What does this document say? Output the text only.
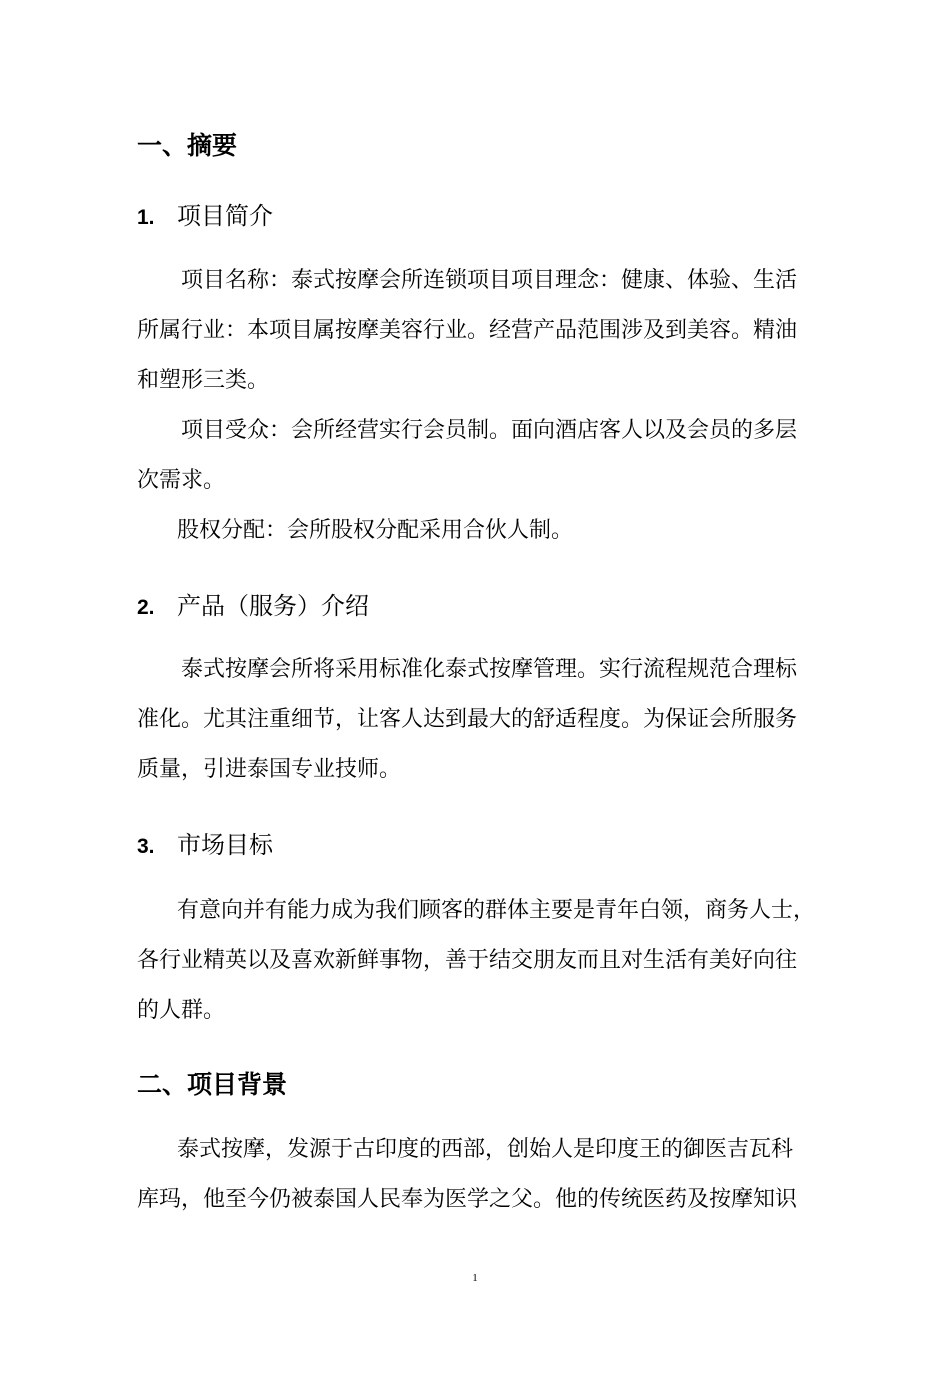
一、摘要
1. 项目简介
项目名称：泰式按摩会所连锁项目项目理念：健康、体验、生活
所属行业：本项目属按摩美容行业。经营产品范围涉及到美容。精油
和塑形三类。
项目受众：会所经营实行会员制。面向酒店客人以及会员的多层
次需求。
股权分配：会所股权分配采用合伙人制。
2. 产品（服务）介绍
泰式按摩会所将采用标准化泰式按摩管理。实行流程规范合理标
准化。尤其注重细节，让客人达到最大的舒适程度。为保证会所服务
质量，引进泰国专业技师。
3. 市场目标
有意向并有能力成为我们顾客的群体主要是青年白领，商务人士，
各行业精英以及喜欢新鲜事物，善于结交朋友而且对生活有美好向往
的人群。
二、项目背景
泰式按摩，发源于古印度的西部，创始人是印度王的御医吉瓦科
库玛，他至今仍被泰国人民奉为医学之父。他的传统医药及按摩知识
1
